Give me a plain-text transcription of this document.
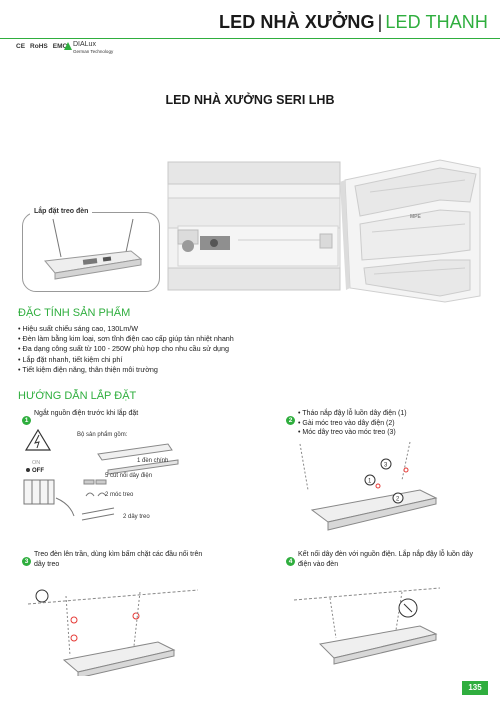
LED NHÀ XƯỞNG | LED THANH
CE RoHS EMC DIALux
German Technology
LED NHÀ XƯỞNG SERI LHB
MPE
Lắp đặt treo đèn
ĐẶC TÍNH SẢN PHẨM
• Hiệu suất chiếu sáng cao, 130Lm/W
• Đèn làm bằng kim loại, sơn tĩnh điện cao cấp giúp tản nhiệt nhanh
• Đa dạng công suất từ 100 - 250W phù hợp cho nhu cầu sử dụng
• Lắp đặt nhanh, tiết kiệm chi phí
• Tiết kiệm điện năng, thân thiện môi trường
HƯỚNG DẪN LẮP ĐẶT
1
Ngắt nguồn điện trước khi lắp đặt
ON
OFF
Bộ sản phẩm gồm:
1 đèn chính
5 cút nối dây điện
2 móc treo
2 dây treo
2
• Tháo nắp đậy lỗ luồn dây điện (1)
• Gài móc treo vào dây điện (2)
• Móc dây treo vào móc treo (3)
1
2
3
3
Treo đèn lên trần, dùng kìm bấm chặt các đầu nối trên dây treo	4
Kết nối dây đèn với nguồn điện. Lắp nắp đậy lỗ luồn dây điện vào đèn
135
